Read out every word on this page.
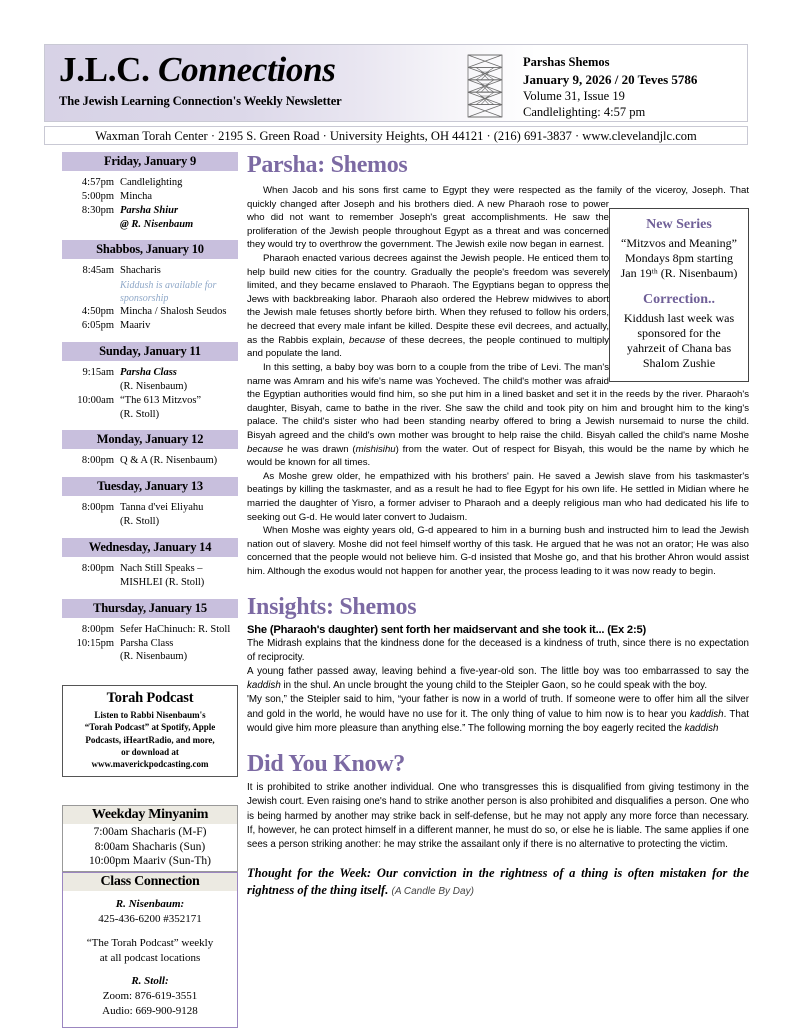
J.L.C. Connections
The Jewish Learning Connection's Weekly Newsletter
Parshas Shemos
January 9, 2026 / 20 Teves 5786
Volume 31, Issue 19
Candlelighting: 4:57 pm
Waxman Torah Center · 2195 S. Green Road · University Heights, OH 44121 · (216) 691-3837 · www.clevelandjlc.com
Friday, January 9
4:57pm Candlelighting
5:00pm Mincha
8:30pm Parsha Shiur
@ R. Nisenbaum
Shabbos, January 10
8:45am Shacharis
Kiddush is available for sponsorship
4:50pm Mincha / Shalosh Seudos
6:05pm Maariv
Sunday, January 11
9:15am Parsha Class
(R. Nisenbaum)
10:00am “The 613 Mitzvos”
(R. Stoll)
Monday, January 12
8:00pm Q & A (R. Nisenbaum)
Tuesday, January 13
8:00pm Tanna d'vei Eliyahu
(R. Stoll)
Wednesday, January 14
8:00pm Nach Still Speaks –
MISHLEI (R. Stoll)
Thursday, January 15
8:00pm Sefer HaChinuch: R. Stoll
10:15pm Parsha Class
(R. Nisenbaum)
Torah Podcast
Listen to Rabbi Nisenbaum's
“Torah Podcast” at Spotify, Apple
Podcasts, iHeartRadio, and more,
or download at
www.maverickpodcasting.com
Weekday Minyanim
7:00am Shacharis (M-F)
8:00am Shacharis (Sun)
10:00pm Maariv (Sun-Th)
Class Connection
R. Nisenbaum:
425-436-6200 #352171
“The Torah Podcast” weekly
at all podcast locations
R. Stoll:
Zoom: 876-619-3551
Audio: 669-900-9128
Parsha: Shemos
New Series
“Mitzvos and Meaning”
Mondays 8pm starting
Jan 19ᵗʰ (R. Nisenbaum)
Correction..
Kiddush last week was
sponsored for the
yahrzeit of Chana bas
Shalom Zushie

When Jacob and his sons first came to Egypt they were respected as the family of the viceroy, Joseph. That quickly changed after Joseph and his brothers died. A new Pharaoh rose to power who did not want to remember Joseph's great accomplishments. He saw the proliferation of the Jewish people throughout Egypt as a threat and was concerned they would try to overthrow the government. The Jewish exile now began in earnest.

Pharaoh enacted various decrees against the Jewish people. He enticed them to help build new cities for the country. Gradually the people's freedom was severely limited, and they became enslaved to Pharaoh. The Egyptians began to oppress the Jews with backbreaking labor. Pharaoh also ordered the Hebrew midwives to abort the Jewish male fetuses shortly before birth. When they refused to follow his orders, he decreed that every male infant be killed. Despite these evil decrees, and actually, as the Rabbis explain, because of these decrees, the people continued to multiply and populate the land.

In this setting, a baby boy was born to a couple from the tribe of Levi. The man's name was Amram and his wife's name was Yocheved. The child's mother was afraid the Egyptian authorities would find him, so she put him in a lined basket and set it in the reeds by the river. Pharaoh's daughter, Bisyah, came to bathe in the river. She saw the child and took pity on him and brought him to the king's palace. The child's sister who had been standing nearby offered to bring a Jewish nursemaid to nurse the child. Bisyah agreed and the child's own mother was brought to help raise the child. Bisyah called the child's name Moshe because he was drawn (mishisihu) from the water. Out of respect for Bisyah, this would be the name by which he would be known for all times.

As Moshe grew older, he empathized with his brothers' pain. He saved a Jewish slave from his taskmaster's beatings by killing the taskmaster, and as a result he had to flee Egypt for his own life. He settled in Midian where he married the daughter of Yisro, a former adviser to Pharaoh and a deeply religious man who had dedicated his life to seeking out G-d. He would later convert to Judaism.

When Moshe was eighty years old, G-d appeared to him in a burning bush and instructed him to lead the Jewish nation out of slavery. Moshe did not feel himself worthy of this task. He argued that he was not an orator; He was also concerned that the people would not believe him. G-d insisted that Moshe go, and that his brother Ahron would assist him. Although the exodus would not happen for another year, the process leading to it was now ready to begin.

Insights: Shemos
She (Pharaoh's daughter) sent forth her maidservant and she took it... (Ex 2:5)

The Midrash explains that the kindness done for the deceased is a kindness of truth, since there is no expectation of reciprocity.

A young father passed away, leaving behind a five-year-old son. The little boy was too embarrassed to say the kaddish in the shul. An uncle brought the young child to the Steipler Gaon, so he could speak with the boy.

'My son,” the Steipler said to him, “your father is now in a world of truth. If someone were to offer him all the silver and gold in the world, he would have no use for it. The only thing of value to him now is to hear you kaddish. That would give him more pleasure than anything else.” The following morning the boy eagerly recited the kaddish

Did You Know?

It is prohibited to strike another individual. One who transgresses this is disqualified from giving testimony in the Jewish court. Even raising one's hand to strike another person is also prohibited and disqualifies a person. One who is being harmed by another may strike back in self-defense, but he may not apply any more force than necessary. If, however, he can protect himself in a different manner, he must do so, or else he is liable. The same applies if one sees a person striking another: he may strike the assailant only if there is no alternative to protecting the victim.

Thought for the Week: Our conviction in the rightness of a thing is often mistaken for the rightness of the thing itself. (A Candle By Day)
